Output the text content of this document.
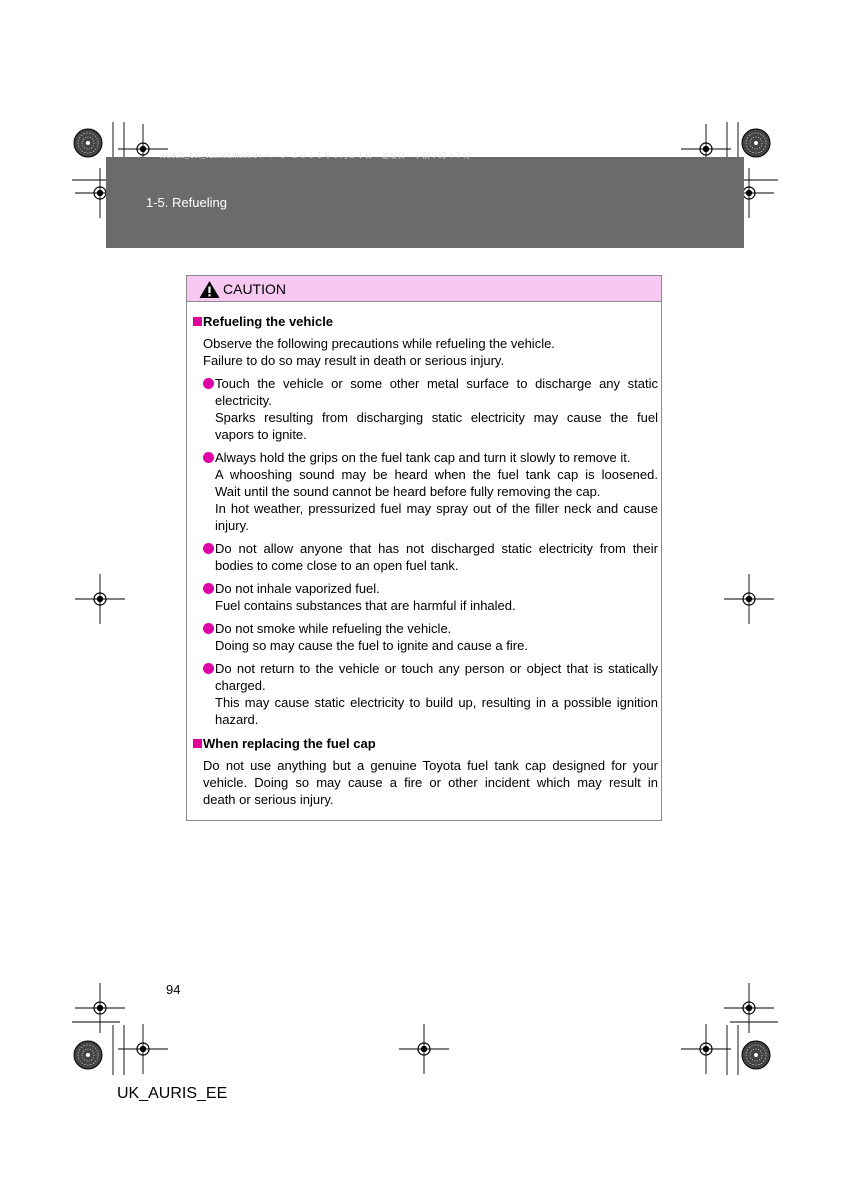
AURIS_UK_12E58E.book 94 ページ ２０１１年１月２１日　金曜日　午前９時４７分
1-5. Refueling
CAUTION
Refueling the vehicle
Observe the following precautions while refueling the vehicle.
Failure to do so may result in death or serious injury.
Touch the vehicle or some other metal surface to discharge any static
electricity.
Sparks resulting from discharging static electricity may cause the fuel
vapors to ignite.
Always hold the grips on the fuel tank cap and turn it slowly to remove it.
A whooshing sound may be heard when the fuel tank cap is loosened.
Wait until the sound cannot be heard before fully removing the cap.
In hot weather, pressurized fuel may spray out of the filler neck and cause
injury.
Do not allow anyone that has not discharged static electricity from their
bodies to come close to an open fuel tank.
Do not inhale vaporized fuel.
Fuel contains substances that are harmful if inhaled.
Do not smoke while refueling the vehicle.
Doing so may cause the fuel to ignite and cause a fire.
Do not return to the vehicle or touch any person or object that is statically
charged.
This may cause static electricity to build up, resulting in a possible ignition
hazard.
When replacing the fuel cap
Do not use anything but a genuine Toyota fuel tank cap designed for your
vehicle. Doing so may cause a fire or other incident which may result in
death or serious injury.
94
UK_AURIS_EE
